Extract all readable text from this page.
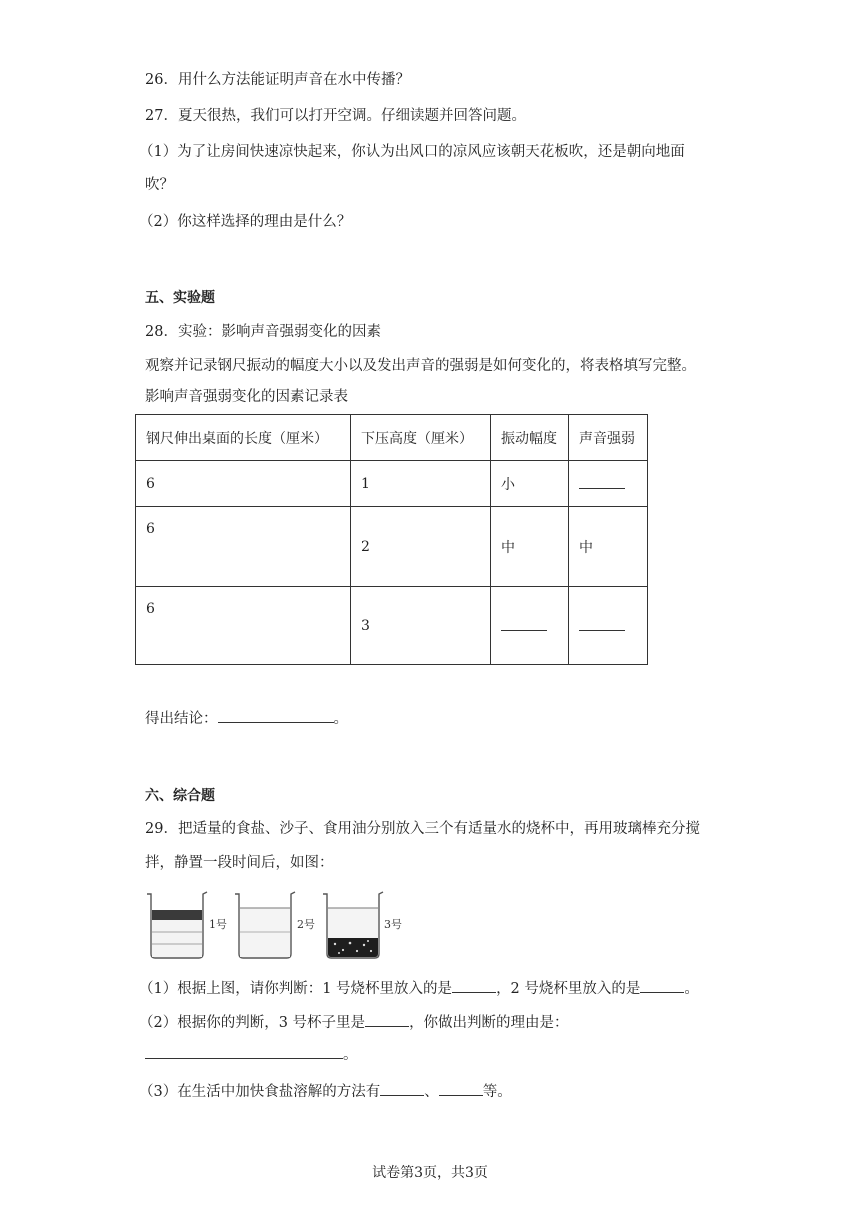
26．用什么方法能证明声音在水中传播？
27．夏天很热，我们可以打开空调。仔细读题并回答问题。
（1）为了让房间快速凉快起来，你认为出风口的凉风应该朝天花板吹，还是朝向地面
吹？
（2）你这样选择的理由是什么？
五、实验题
28．实验：影响声音强弱变化的因素
观察并记录钢尺振动的幅度大小以及发出声音的强弱是如何变化的，将表格填写完整。
影响声音强弱变化的因素记录表
钢尺伸出桌面的长度（厘米）	下压高度（厘米）	振动幅度	声音强弱
6	1	小	
6	2	中	中
6	3		
得出结论：	。
六、综合题
29．把适量的食盐、沙子、食用油分别放入三个有适量水的烧杯中，再用玻璃棒充分搅
拌，静置一段时间后，如图：
1号	2号	3号
（1）根据上图，请你判断：1 号烧杯里放入的是	，2 号烧杯里放入的是	。
（2）根据你的判断，3 号杯子里是	，你做出判断的理由是：
。
（3）在生活中加快食盐溶解的方法有	、	等。
试卷第3页，共3页
